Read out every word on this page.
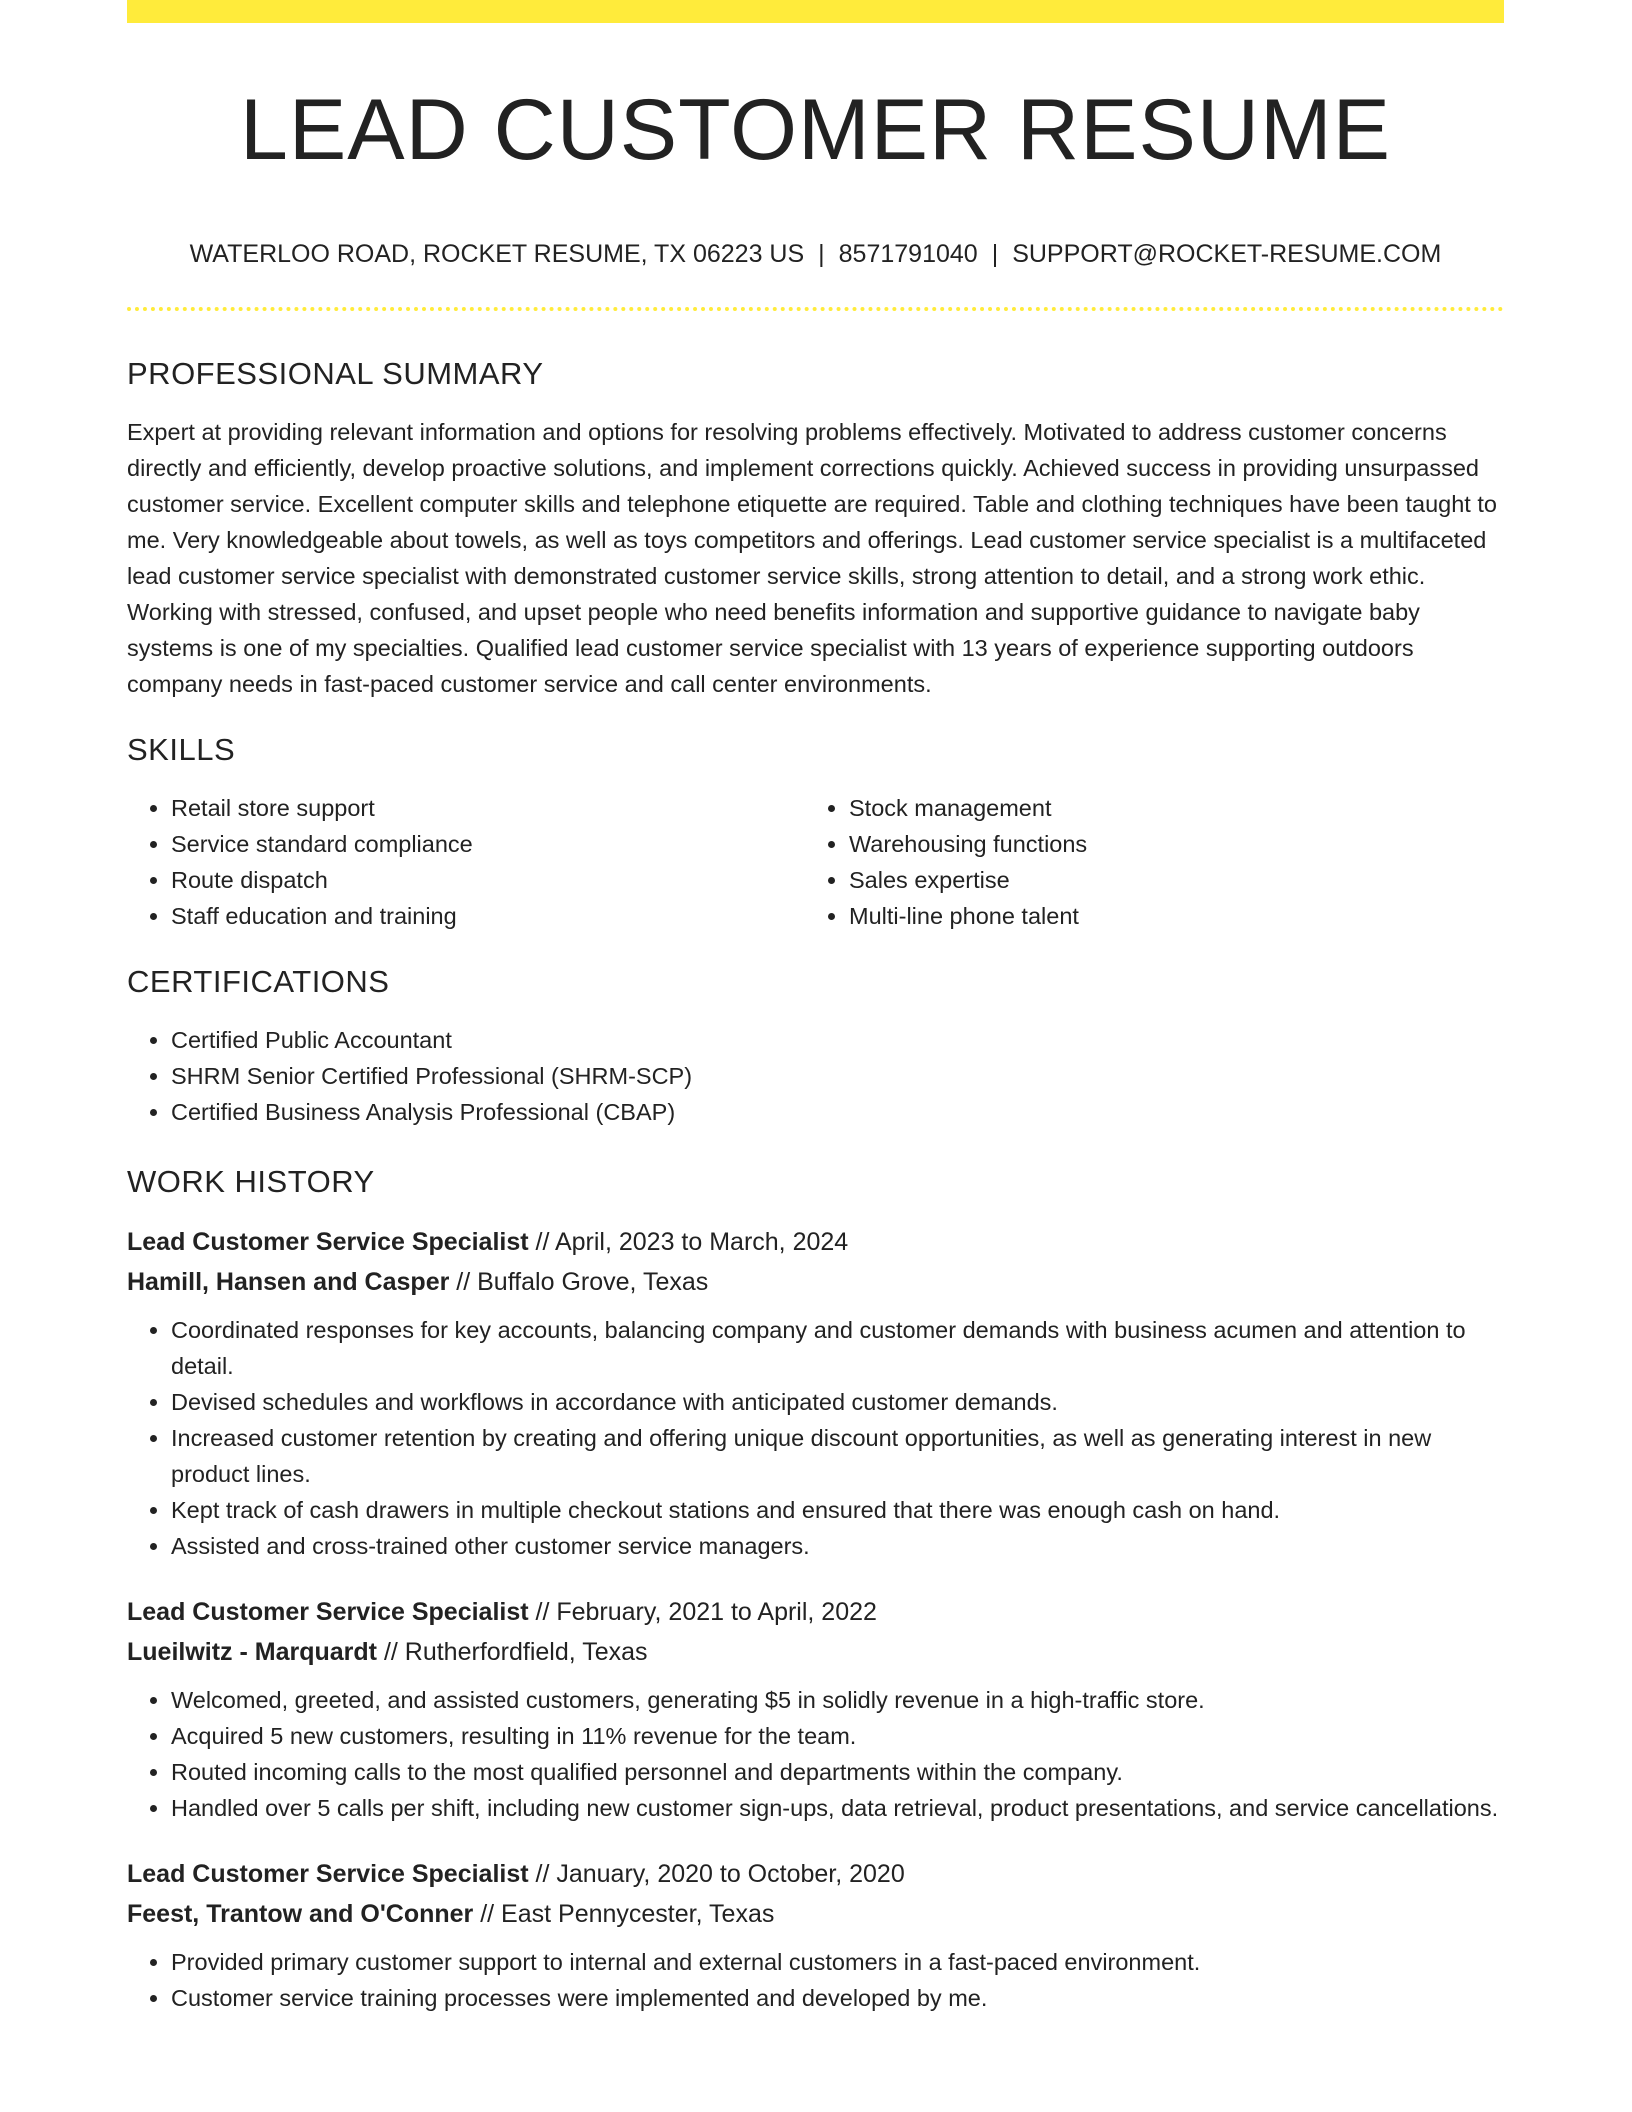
LEAD CUSTOMER RESUME
WATERLOO ROAD, ROCKET RESUME, TX 06223 US | 8571791040 | SUPPORT@ROCKET-RESUME.COM
PROFESSIONAL SUMMARY

Expert at providing relevant information and options for resolving problems effectively. Motivated to address customer concerns directly and efficiently, develop proactive solutions, and implement corrections quickly. Achieved success in providing unsurpassed customer service. Excellent computer skills and telephone etiquette are required. Table and clothing techniques have been taught to me. Very knowledgeable about towels, as well as toys competitors and offerings. Lead customer service specialist is a multifaceted lead customer service specialist with demonstrated customer service skills, strong attention to detail, and a strong work ethic. Working with stressed, confused, and upset people who need benefits information and supportive guidance to navigate baby systems is one of my specialties. Qualified lead customer service specialist with 13 years of experience supporting outdoors company needs in fast-paced customer service and call center environments.

SKILLS
• Retail store support
• Service standard compliance
• Route dispatch
• Staff education and training
• Stock management
• Warehousing functions
• Sales expertise
• Multi-line phone talent
CERTIFICATIONS
• Certified Public Accountant
• SHRM Senior Certified Professional (SHRM-SCP)
• Certified Business Analysis Professional (CBAP)
WORK HISTORY

Lead Customer Service Specialist // April, 2023 to March, 2024

Hamill, Hansen and Casper // Buffalo Grove, Texas

• Coordinated responses for key accounts, balancing company and customer demands with business acumen and attention to detail.
• Devised schedules and workflows in accordance with anticipated customer demands.
• Increased customer retention by creating and offering unique discount opportunities, as well as generating interest in new product lines.
• Kept track of cash drawers in multiple checkout stations and ensured that there was enough cash on hand.
• Assisted and cross-trained other customer service managers.

Lead Customer Service Specialist // February, 2021 to April, 2022

Lueilwitz - Marquardt // Rutherfordfield, Texas

• Welcomed, greeted, and assisted customers, generating $5 in solidly revenue in a high-traffic store.
• Acquired 5 new customers, resulting in 11% revenue for the team.
• Routed incoming calls to the most qualified personnel and departments within the company.
• Handled over 5 calls per shift, including new customer sign-ups, data retrieval, product presentations, and service cancellations.

Lead Customer Service Specialist // January, 2020 to October, 2020

Feest, Trantow and O'Conner // East Pennycester, Texas

• Provided primary customer support to internal and external customers in a fast-paced environment.
• Customer service training processes were implemented and developed by me.
